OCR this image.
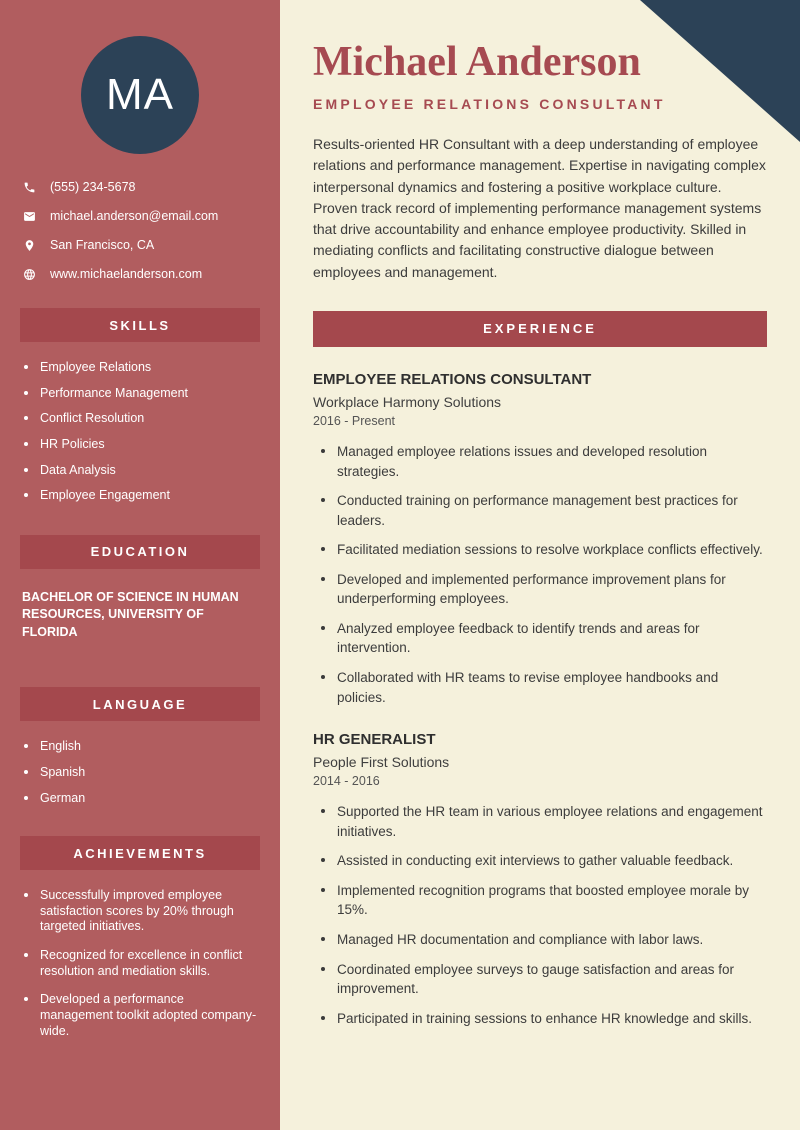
MA
(555) 234-5678
michael.anderson@email.com
San Francisco, CA
www.michaelanderson.com
SKILLS
Employee Relations
Performance Management
Conflict Resolution
HR Policies
Data Analysis
Employee Engagement
EDUCATION
BACHELOR OF SCIENCE IN HUMAN RESOURCES, UNIVERSITY OF FLORIDA
LANGUAGE
English
Spanish
German
ACHIEVEMENTS
Successfully improved employee satisfaction scores by 20% through targeted initiatives.
Recognized for excellence in conflict resolution and mediation skills.
Developed a performance management toolkit adopted company-wide.
Michael Anderson
EMPLOYEE RELATIONS CONSULTANT

Results-oriented HR Consultant with a deep understanding of employee relations and performance management. Expertise in navigating complex interpersonal dynamics and fostering a positive workplace culture. Proven track record of implementing performance management systems that drive accountability and enhance employee productivity. Skilled in mediating conflicts and facilitating constructive dialogue between employees and management.

EXPERIENCE
EMPLOYEE RELATIONS CONSULTANT
Workplace Harmony Solutions
2016 - Present
Managed employee relations issues and developed resolution strategies.
Conducted training on performance management best practices for leaders.
Facilitated mediation sessions to resolve workplace conflicts effectively.
Developed and implemented performance improvement plans for underperforming employees.
Analyzed employee feedback to identify trends and areas for intervention.
Collaborated with HR teams to revise employee handbooks and policies.
HR GENERALIST
People First Solutions
2014 - 2016
Supported the HR team in various employee relations and engagement initiatives.
Assisted in conducting exit interviews to gather valuable feedback.
Implemented recognition programs that boosted employee morale by 15%.
Managed HR documentation and compliance with labor laws.
Coordinated employee surveys to gauge satisfaction and areas for improvement.
Participated in training sessions to enhance HR knowledge and skills.
